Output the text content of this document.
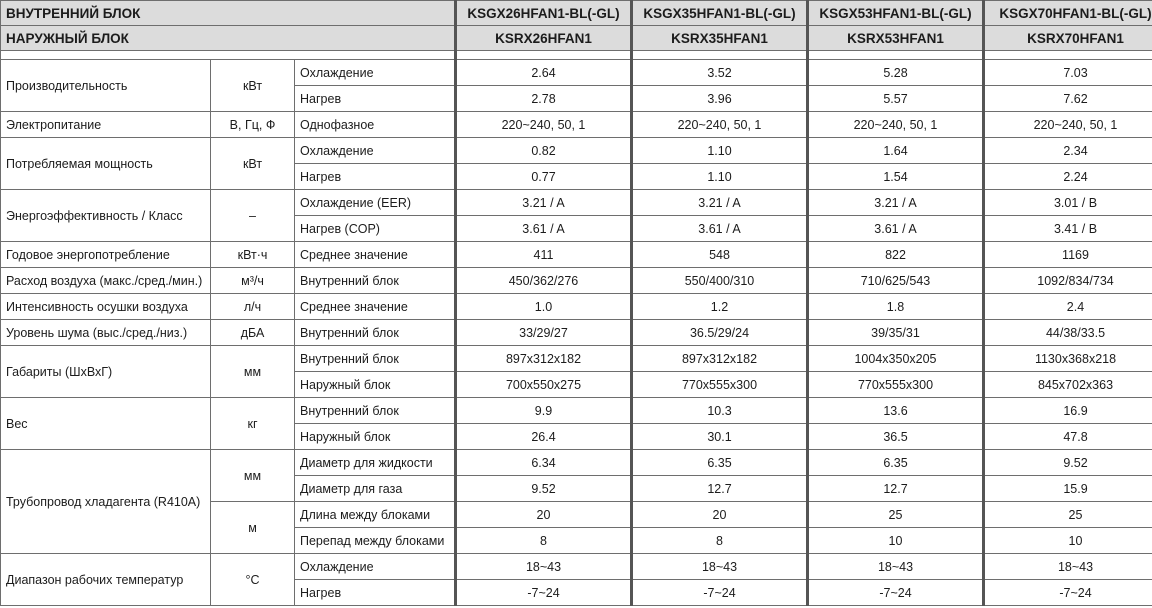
ВНУТРЕННИЙ БЛОК			KSGX26HFAN1-BL(-GL)	KSGX35HFAN1-BL(-GL)	KSGX53HFAN1-BL(-GL)	KSGX70HFAN1-BL(-GL)
НАРУЖНЫЙ БЛОК			KSRX26HFAN1	KSRX35HFAN1	KSRX53HFAN1	KSRX70HFAN1

Производительность	кВт	Охлаждение	2.64	3.52	5.28	7.03
		Нагрев	2.78	3.96	5.57	7.62
Электропитание	В, Гц, Ф	Однофазное	220~240, 50, 1	220~240, 50, 1	220~240, 50, 1	220~240, 50, 1
Потребляемая мощность	кВт	Охлаждение	0.82	1.10	1.64	2.34
		Нагрев	0.77	1.10	1.54	2.24
Энергоэффективность / Класс	–	Охлаждение (EER)	3.21 / A	3.21 / A	3.21 / A	3.01 / B
		Нагрев (COP)	3.61 / A	3.61 / A	3.61 / A	3.41 / B
Годовое энергопотребление	кВт·ч	Среднее значение	411	548	822	1169
Расход воздуха (макс./сред./мин.)	м³/ч	Внутренний блок	450/362/276	550/400/310	710/625/543	1092/834/734
Интенсивность осушки воздуха	л/ч	Среднее значение	1.0	1.2	1.8	2.4
Уровень шума (выс./сред./низ.)	дБА	Внутренний блок	33/29/27	36.5/29/24	39/35/31	44/38/33.5
Габариты (ШхВхГ)	мм	Внутренний блок	897x312x182	897x312x182	1004x350x205	1130x368x218
		Наружный блок	700x550x275	770x555x300	770x555x300	845x702x363
Вес	кг	Внутренний блок	9.9	10.3	13.6	16.9
		Наружный блок	26.4	30.1	36.5	47.8
Трубопровод хладагента (R410A)	мм	Диаметр для жидкости	6.34	6.35	6.35	9.52
		Диаметр для газа	9.52	12.7	12.7	15.9
	м	Длина между блоками	20	20	25	25
		Перепад между блоками	8	8	10	10
Диапазон рабочих температур	°C	Охлаждение	18~43	18~43	18~43	18~43
		Нагрев	-7~24	-7~24	-7~24	-7~24
